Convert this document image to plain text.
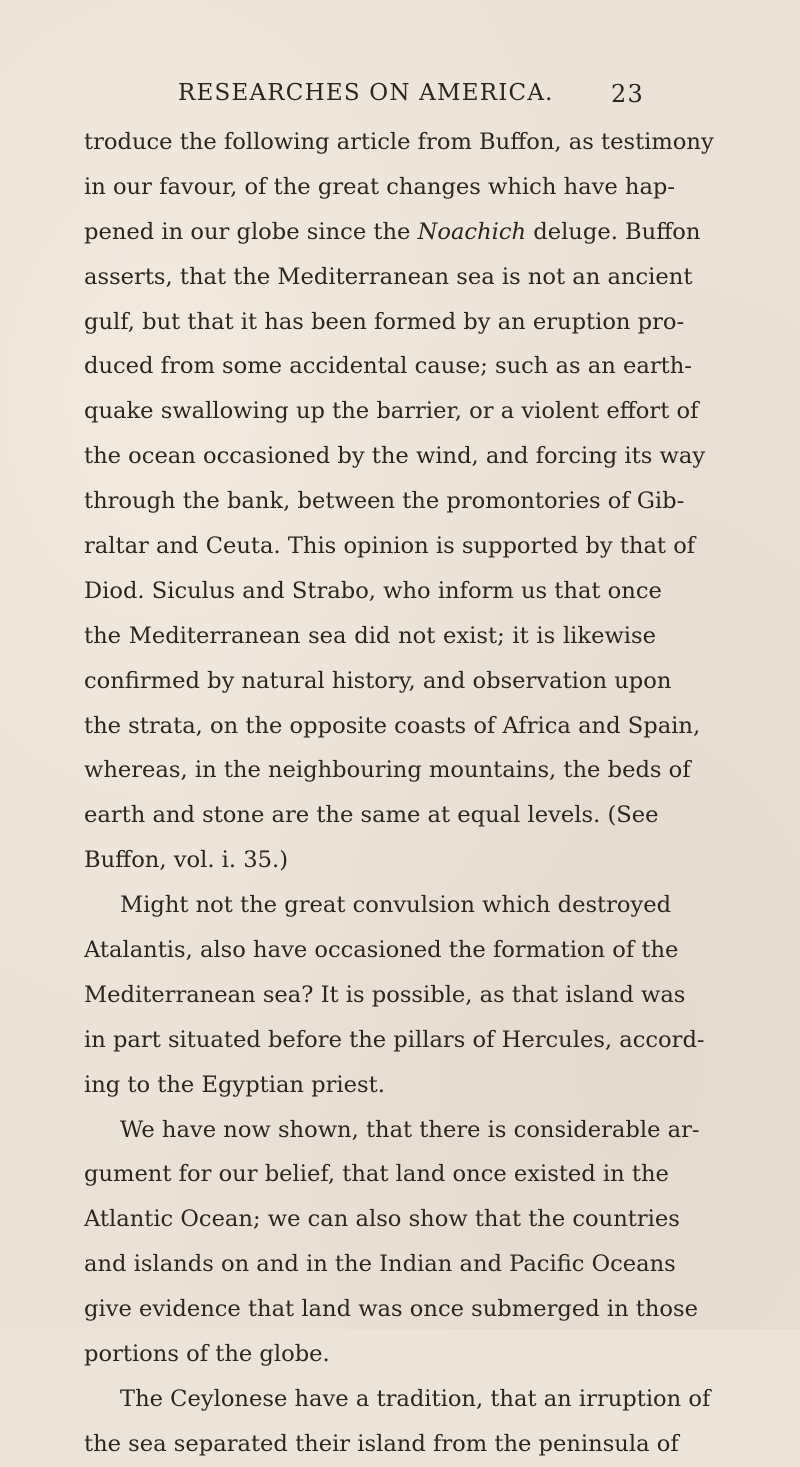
RESEARCHES ON AMERICA. 23
troduce the following article from Buffon, as testimony
in our favour, of the great changes which have hap-
pened in our globe since the Noachich deluge. Buffon
asserts, that the Mediterranean sea is not an ancient
gulf, but that it has been formed by an eruption pro-
duced from some accidental cause; such as an earth-
quake swallowing up the barrier, or a violent effort of
the ocean occasioned by the wind, and forcing its way
through the bank, between the promontories of Gib-
raltar and Ceuta. This opinion is supported by that of
Diod. Siculus and Strabo, who inform us that once
the Mediterranean sea did not exist; it is likewise
confirmed by natural history, and observation upon
the strata, on the opposite coasts of Africa and Spain,
whereas, in the neighbouring mountains, the beds of
earth and stone are the same at equal levels. (See
Buffon, vol. i. 35.)
Might not the great convulsion which destroyed
Atalantis, also have occasioned the formation of the
Mediterranean sea? It is possible, as that island was
in part situated before the pillars of Hercules, accord-
ing to the Egyptian priest.
We have now shown, that there is considerable ar-
gument for our belief, that land once existed in the
Atlantic Ocean; we can also show that the countries
and islands on and in the Indian and Pacific Oceans
give evidence that land was once submerged in those
portions of the globe.
The Ceylonese have a tradition, that an irruption of
the sea separated their island from the peninsula of
